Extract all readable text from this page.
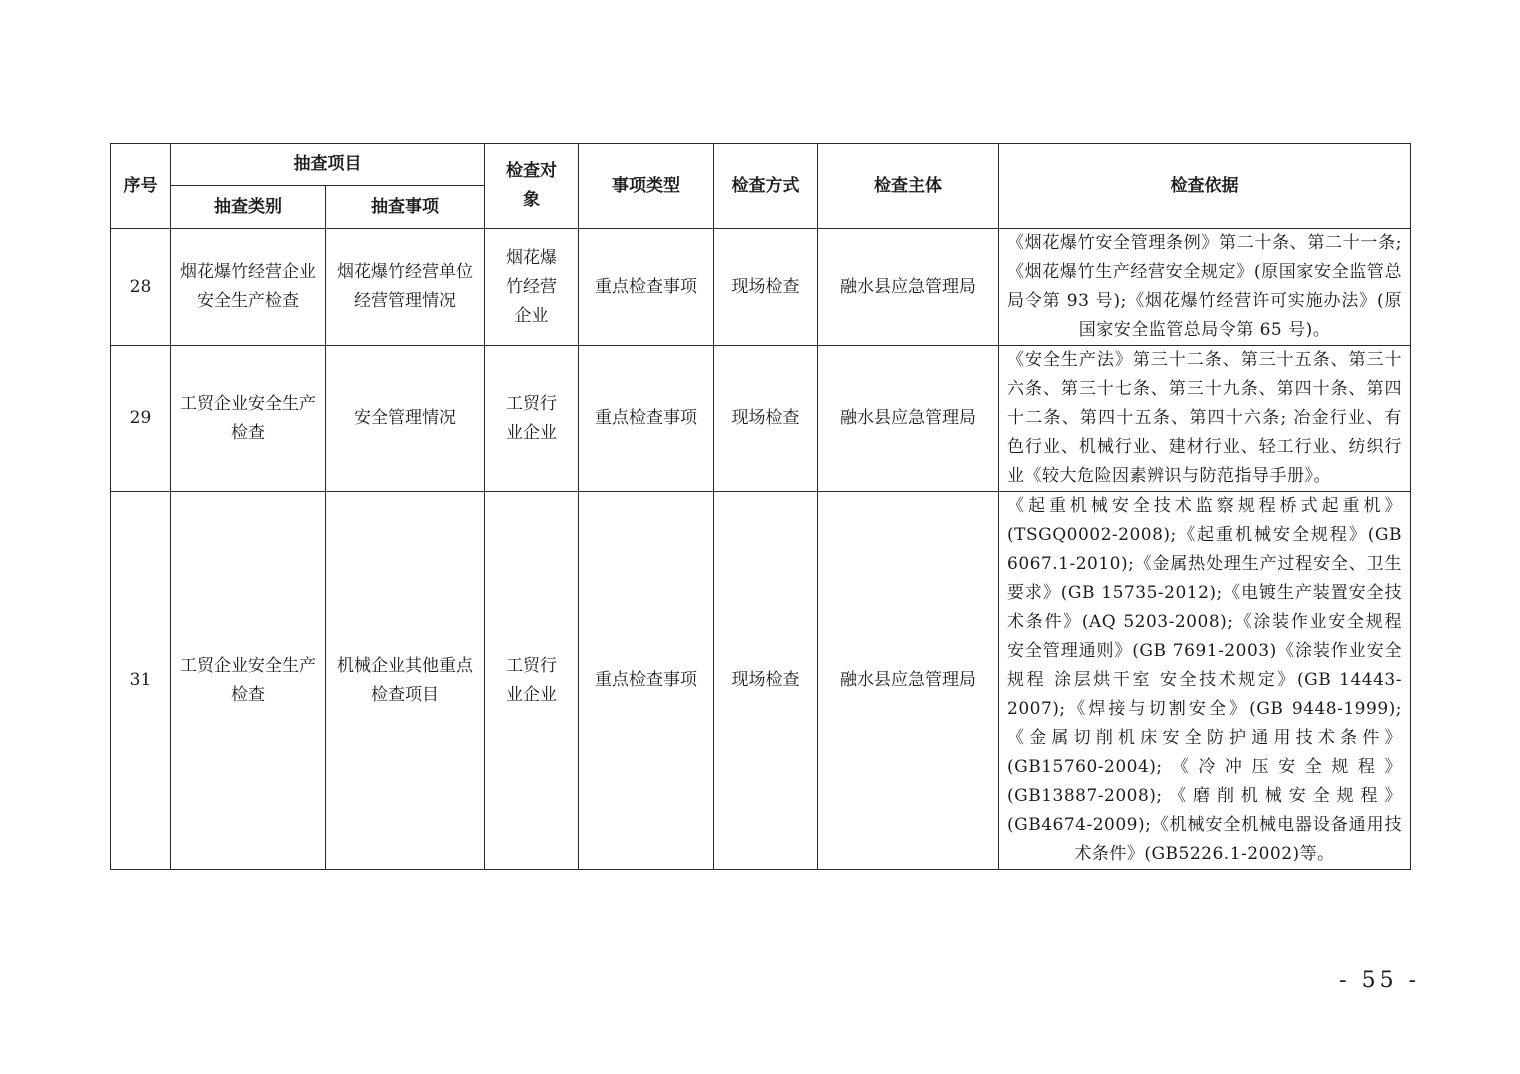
序号	抽查项目		检查对象	事项类型	检查方式	检查主体	检查依据
	抽查类别	抽查事项					
28	烟花爆竹经营企业安全生产检查	烟花爆竹经营单位经营管理情况	烟花爆竹经营企业	重点检查事项	现场检查	融水县应急管理局	《烟花爆竹安全管理条例》第二十条、第二十一条;《烟花爆竹生产经营安全规定》(原国家安全监管总局令第 93 号);《烟花爆竹经营许可实施办法》(原国家安全监管总局令第 65 号)。
29	工贸企业安全生产检查	安全管理情况	工贸行业企业	重点检查事项	现场检查	融水县应急管理局	《安全生产法》第三十二条、第三十五条、第三十六条、第三十七条、第三十九条、第四十条、第四十二条、第四十五条、第四十六条; 冶金行业、有色行业、机械行业、建材行业、轻工行业、纺织行业《较大危险因素辨识与防范指导手册》。
31	工贸企业安全生产检查	机械企业其他重点检查项目	工贸行业企业	重点检查事项	现场检查	融水县应急管理局	《起重机械安全技术监察规程桥式起重机》(TSGQ0002-2008);《起重机械安全规程》(GB 6067.1-2010);《金属热处理生产过程安全、卫生要求》(GB 15735-2012);《电镀生产装置安全技术条件》(AQ 5203-2008);《涂装作业安全规程 安全管理通则》(GB 7691-2003)《涂装作业安全规程 涂层烘干室 安全技术规定》(GB 14443-2007);《焊接与切割安全》(GB 9448-1999);《金属切削机床安全防护通用技术条件》(GB15760-2004);《冷冲压安全规程》(GB13887-2008);《磨削机械安全规程》(GB4674-2009);《机械安全机械电器设备通用技术条件》(GB5226.1-2002)等。
- 55 -
